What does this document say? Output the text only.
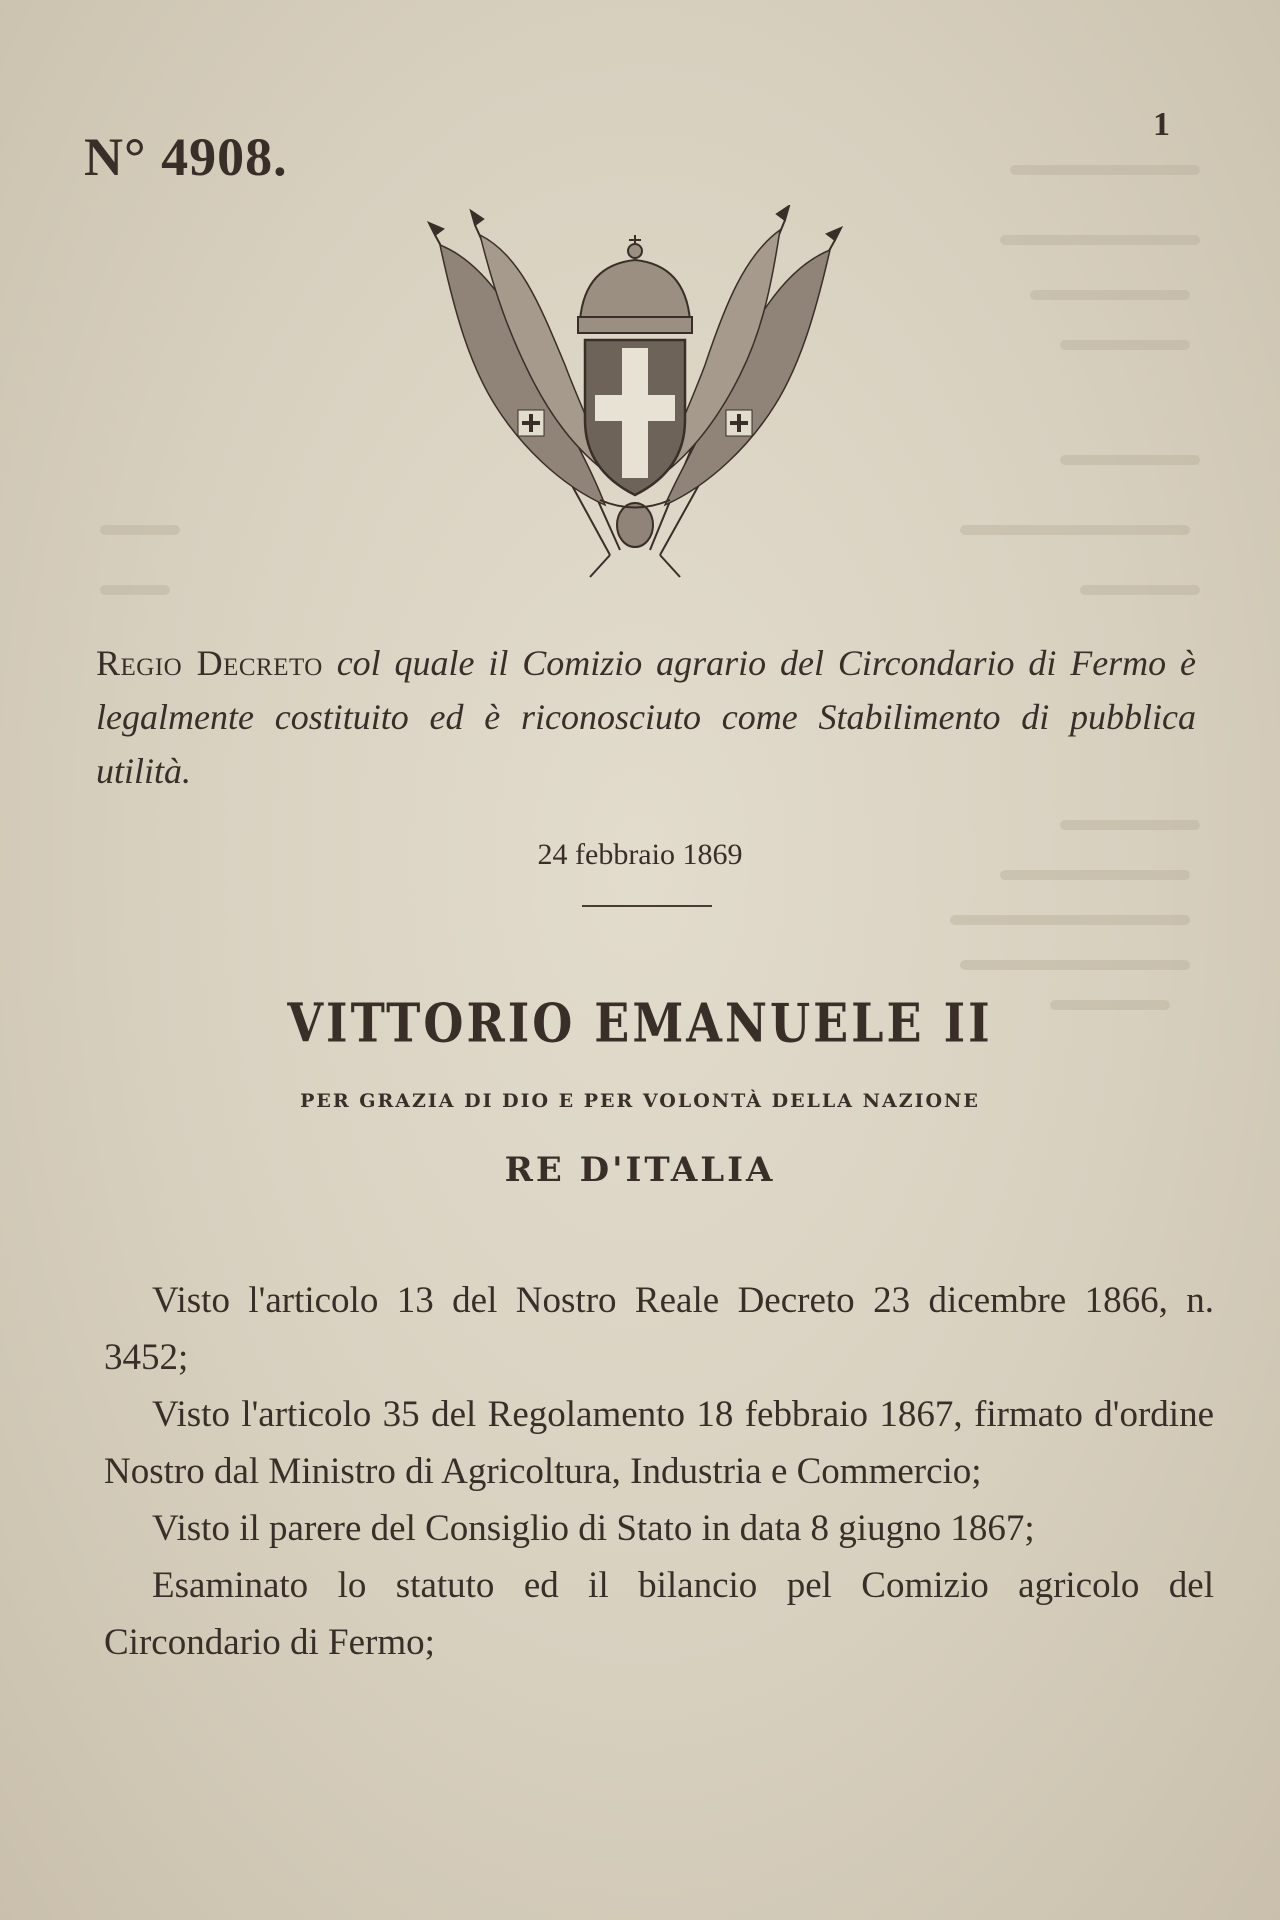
N° 4908.
1
Regio Decreto col quale il Comizio agrario del Circondario di Fermo è legalmente costituito ed è riconosciuto come Stabilimento di pubblica utilità.
24 febbraio 1869
VITTORIO EMANUELE II
PER GRAZIA DI DIO E PER VOLONTÀ DELLA NAZIONE
RE D'ITALIA

Visto l'articolo 13 del Nostro Reale Decreto 23 dicembre 1866, n. 3452;

Visto l'articolo 35 del Regolamento 18 febbraio 1867, firmato d'ordine Nostro dal Ministro di Agricoltura, Industria e Commercio;

Visto il parere del Consiglio di Stato in data 8 giugno 1867;

Esaminato lo statuto ed il bilancio pel Comizio agricolo del Circondario di Fermo;
